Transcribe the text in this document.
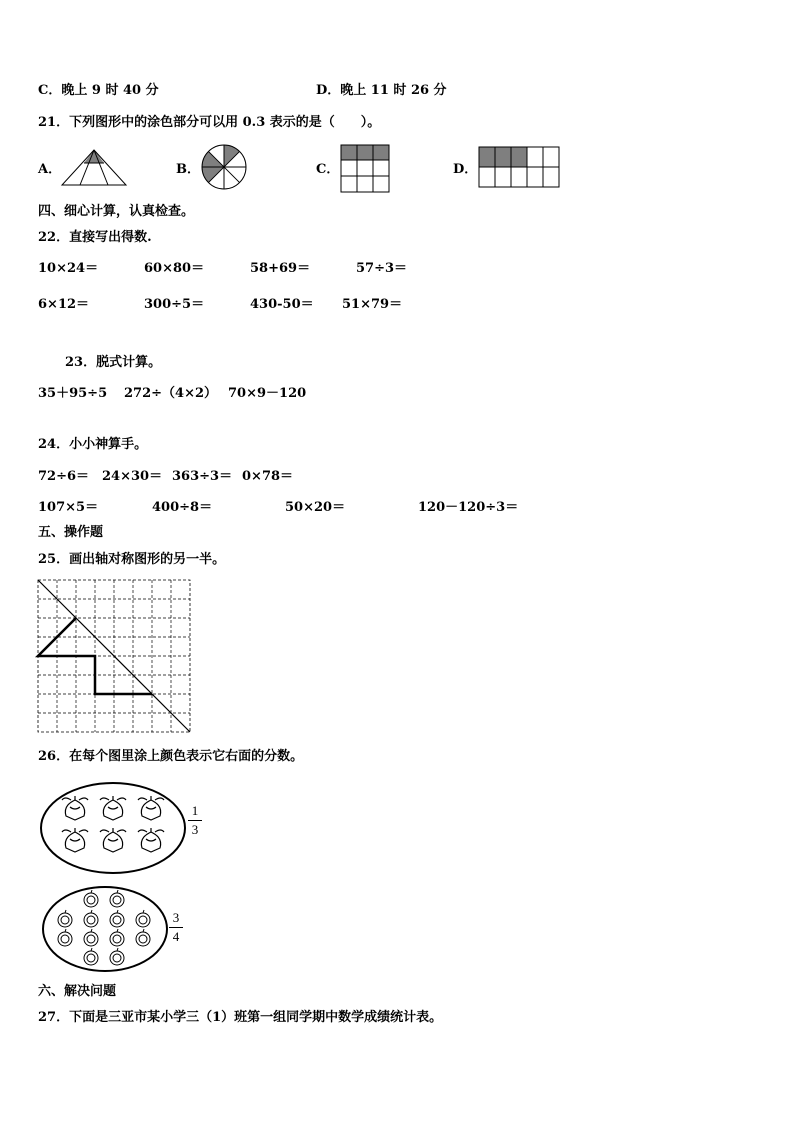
C．晚上 9 时 40 分	D．晚上 11 时 26 分
21．下列图形中的涂色部分可以用 0.3 表示的是（　　）。
A．	B．	C．	D．
四、细心计算，认真检查。
22．直接写出得数.
10×24＝	60×80＝	58+69＝	57÷3＝
6×12＝	300÷5＝	430-50＝ 51×79＝
23．脱式计算。
35＋95÷5 272÷（4×2） 70×9－120
24．小小神算手。
72÷6＝ 24×30＝ 363÷3＝ 0×78＝
107×5＝	400÷8＝	50×20＝	120－120÷3＝
五、操作题
25．画出轴对称图形的另一半。
26．在每个图里涂上颜色表示它右面的分数。
1
3
3
4
六、解决问题
27．下面是三亚市某小学三（1）班第一组同学期中数学成绩统计表。
